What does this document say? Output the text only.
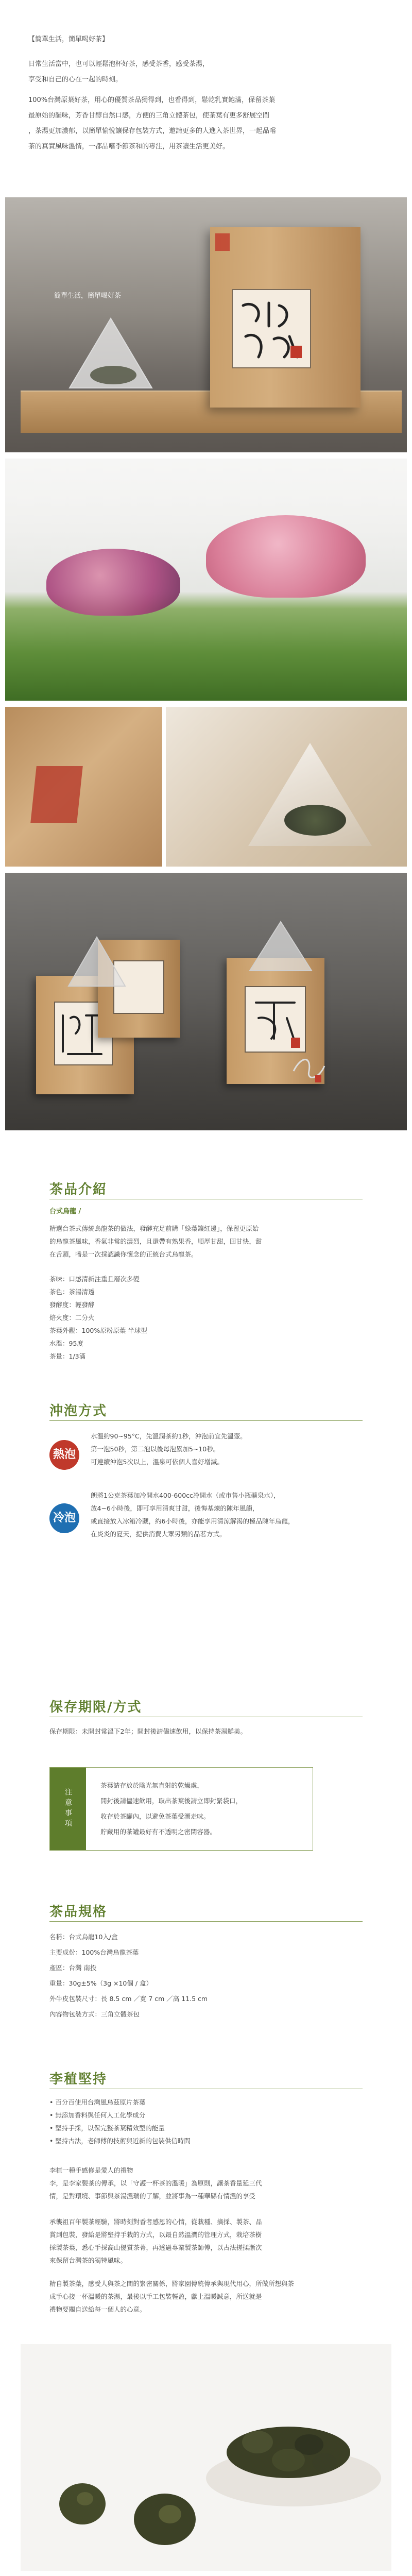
【簡單生活，簡單喝好茶】

日常生活當中，也可以輕鬆泡杯好茶，感受茶香，感受茶湯，

享受和自己的心在一起的時刻。

100%台灣原葉好茶，用心的優質茶品獨得到，也看得到，鬆乾乳實飽滿，保留茶葉

最原始的韻味，芳香甘醇自然口感，方便的三角立體茶包，使茶葉有更多舒展空間

，茶湯更加濃郁，以簡單愉悅讓保存包裝方式，邀請更多的人進入茶世界，一起品嚐

茶的真實風味溫情，一都品嚐季節茶和的專注，用茶讓生活更美好。

簡單生活，簡單喝好茶
茶品介紹
台式烏龍 /

精選台茶式傳統烏龍茶的做法，發酵充足前購「綠葉鑲紅邊」，保留更原始

的烏龍茶風味，香氣非常的濃烈，且還帶有熟果香，順厚甘甜，回甘快，甜

在舌頭，噃是一次採認識你懷念的正統台式烏龍茶。

茶味：口感清新注重且層次多變

茶色：茶湯清透

發酵度：輕發酵

焙火度：二分火

茶葉外觀：100%原粉原葉 半球型

水溫：95度

茶量：1/3滿

沖泡方式
熱泡

水溫約90~95°C，先溫潤茶約1秒，沖泡前宜先溫壺。

第一泡50秒，第二泡以後每泡累加5~10秒。

可連續沖泡5次以上，溫泉可依個人喜好增減。

冷泡

朗將1公克茶葉加冷開水400-600cc冷開水（或市售小瓶礦泉水），

放4~6小時後，即可享用清爽甘甜，後悔基煉的陳年風韻，

或直接放入冰箱冷藏，約6小時後，亦能享用清涼解渴的極品陳年烏龍，

在炎炎的夏天，提供消費大眾另類的品茗方式。

保存期限/方式
保存期限：未開封常溫下2年；開封後請儘速飲用，以保持茶湯鮮美。
注意事項

茶葉請存放於陰光無直射的乾燥處，

開封後請儘速飲用，取出茶葉後請立即封緊袋口，

收存於茶罐內，以避免茶葉受潮走味。

貯藏用的茶罐最好有不透明之密閉容器。

茶品規格

名稱：台式烏龍10入/盒

主要成份：100%台灣烏龍茶葉

產區：台灣 南投

重量：30g±5%（3g ×10個 / 盒）

外牛皮包裝尺寸：長 8.5 cm ／寬 7 cm ／高 11.5 cm

內容物包裝方式：三角立體茶包

李稙堅持

• 百分百使用台灣風烏茲原片茶葉

• 無添加香料與任何人工化學成分

• 堅持手採，以保完整茶葉精效型的能量

• 堅持古法，老師傅的技術與近新的包裝供信時間

李植一種手感修是愛人的禮物

李，是李家製茶的傳承，以「守護一杯茶的溫暖」為原則，讓茶香量延三代

情，是對環境、事節與茶湯溫瑞的了解，並將事為一種華縣有情溫的享受

承襲祖百年製茶經驗，將時刻對香者感恩的心情，從栽種、摘採、製茶、品

賞到包裝，發給是將堅持手栽的方式，以最自然溫潤的管理方式，栽培茶樹

採製茶葉，悉心手採高山優質茶菁，再透過專業製茶師傅，以古法搓揉漸次

來保留台灣茶的獨特風味。

精自製茶葉，感受人與茶之間的緊密關係，將家園傳統傳承與現代用心，所做所想與茶

成手心接一杯溫暖的茶湯，最後以手工包裝輕盈，獻上溫暖誠意，所送就是

禮物要關自送給每一個人的心意。
